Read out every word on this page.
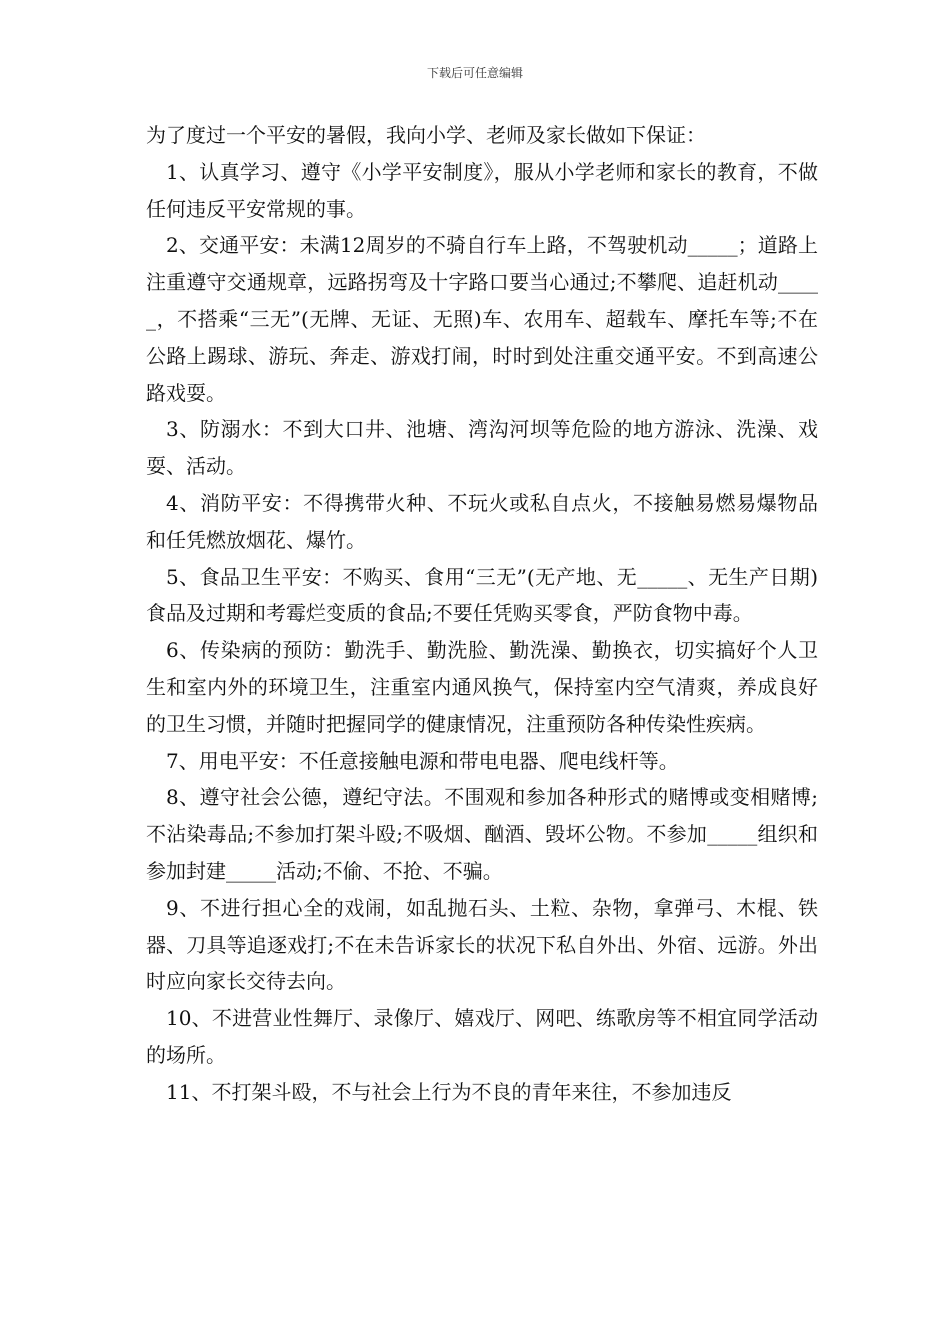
下载后可任意编辑

为了度过一个平安的暑假，我向小学、老师及家长做如下保证：

1、认真学习、遵守《小学平安制度》，服从小学老师和家长的教育，不做任何违反平安常规的事。

2、交通平安：未满12周岁的不骑自行车上路，不驾驶机动_____；道路上注重遵守交通规章，远路拐弯及十字路口要当心通过;不攀爬、追赶机动_____，不搭乘“三无”(无牌、无证、无照)车、农用车、超载车、摩托车等;不在公路上踢球、游玩、奔走、游戏打闹，时时到处注重交通平安。不到高速公路戏耍。

3、防溺水：不到大口井、池塘、湾沟河坝等危险的地方游泳、洗澡、戏耍、活动。

4、消防平安：不得携带火种、不玩火或私自点火，不接触易燃易爆物品和任凭燃放烟花、爆竹。

5、食品卫生平安：不购买、食用“三无”(无产地、无_____、无生产日期)食品及过期和考霉烂变质的食品;不要任凭购买零食，严防食物中毒。

6、传染病的预防：勤洗手、勤洗脸、勤洗澡、勤换衣，切实搞好个人卫生和室内外的环境卫生，注重室内通风换气，保持室内空气清爽，养成良好的卫生习惯，并随时把握同学的健康情况，注重预防各种传染性疾病。

7、用电平安：不任意接触电源和带电电器、爬电线杆等。

8、遵守社会公德，遵纪守法。不围观和参加各种形式的赌博或变相赌博;不沾染毒品;不参加打架斗殴;不吸烟、酗酒、毁坏公物。不参加_____组织和参加封建_____活动;不偷、不抢、不骗。

9、不进行担心全的戏闹，如乱抛石头、土粒、杂物，拿弹弓、木棍、铁器、刀具等追逐戏打;不在未告诉家长的状况下私自外出、外宿、远游。外出时应向家长交待去向。

10、不进营业性舞厅、录像厅、嬉戏厅、网吧、练歌房等不相宜同学活动的场所。

11、不打架斗殴，不与社会上行为不良的青年来往，不参加违反
